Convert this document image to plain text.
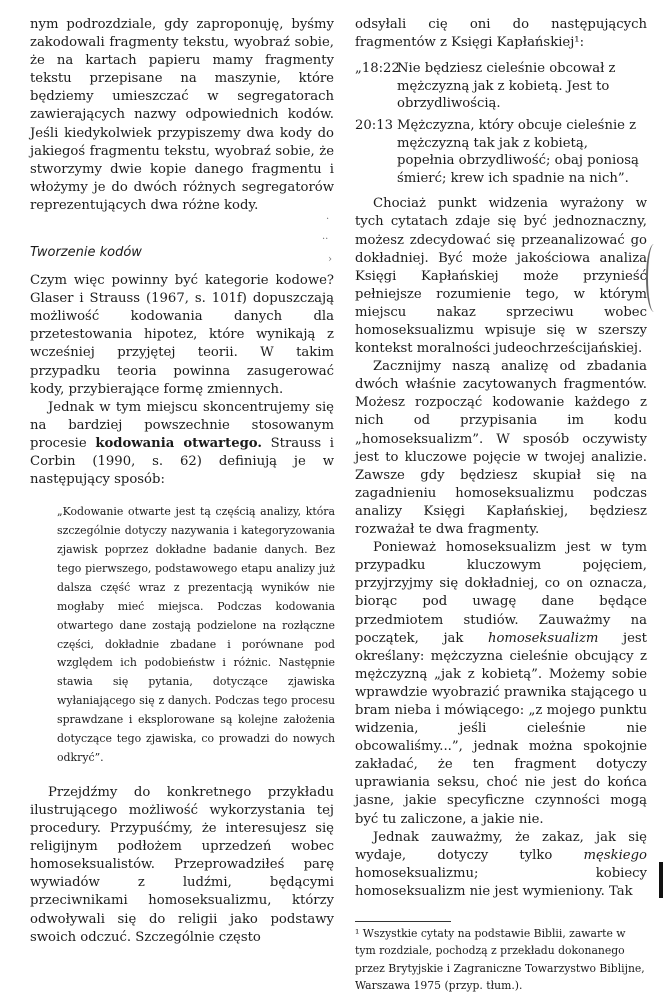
nym podrozdziale, gdy zaproponuję, byśmy zakodowali fragmenty tekstu, wyobraź sobie, że na kartach papieru mamy fragmenty tekstu przepisane na maszynie, które będziemy umieszczać w segregatorach zawierających nazwy odpowiednich kodów. Jeśli kiedykolwiek przypiszemy dwa kody do jakiegoś fragmentu tekstu, wyobraź sobie, że stworzymy dwie kopie danego fragmentu i włożymy je do dwóch różnych segregatorów reprezentujących dwa różne kody.

Tworzenie kodów

Czym więc powinny być kategorie kodowe? Glaser i Strauss (1967, s. 101f) dopuszczają możliwość kodowania danych dla przetestowania hipotez, które wynikają z wcześniej przyjętej teorii. W takim przypadku teoria powinna zasugerować kody, przybierające formę zmiennych.

Jednak w tym miejscu skoncentrujemy się na bardziej powszechnie stosowanym procesie kodowania otwartego. Strauss i Corbin (1990, s. 62) definiują je w następujący sposób:

„Kodowanie otwarte jest tą częścią analizy, która szczególnie dotyczy nazywania i kategoryzowania zjawisk poprzez dokładne badanie danych. Bez tego pierwszego, podstawowego etapu analizy już dalsza część wraz z prezentacją wyników nie mogłaby mieć miejsca. Podczas kodowania otwartego dane zostają podzielone na rozłączne części, dokładnie zbadane i porównane pod względem ich podobieństw i różnic. Następnie stawia się pytania, dotyczące zjawiska wyłaniającego się z danych. Podczas tego procesu sprawdzane i eksplorowane są kolejne założenia dotyczące tego zjawiska, co prowadzi do nowych odkryć”.

Przejdźmy do konkretnego przykładu ilustrującego możliwość wykorzystania tej procedury. Przypuśćmy, że interesujesz się religijnym podłożem uprzedzeń wobec homoseksualistów. Przeprowadziłeś parę wywiadów z ludźmi, będącymi przeciwnikami homoseksualizmu, którzy odwoływali się do religii jako podstawy swoich odczuć. Szczególnie często

odsyłali cię oni do następujących fragmentów z Księgi Kapłańskiej¹:

„18:22
Nie będziesz cieleśnie obcował z mężczyzną jak z kobietą. Jest to obrzydliwością.
20:13 Mężczyzna, który obcuje cieleśnie z mężczyzną tak jak z kobietą, popełnia obrzydliwość; obaj poniosą śmierć; krew ich spadnie na nich”.

Chociaż punkt widzenia wyrażony w tych cytatach zdaje się być jednoznaczny, możesz zdecydować się przeanalizować go dokładniej. Być może jakościowa analiza Księgi Kapłańskiej może przynieść pełniejsze rozumienie tego, w którym miejscu nakaz sprzeciwu wobec homoseksualizmu wpisuje się w szerszy kontekst moralności judeochrześcijańskiej.

Zacznijmy naszą analizę od zbadania dwóch właśnie zacytowanych fragmentów. Możesz rozpocząć kodowanie każdego z nich od przypisania im kodu „homoseksualizm”. W sposób oczywisty jest to kluczowe pojęcie w twojej analizie. Zawsze gdy będziesz skupiał się na zagadnieniu homoseksualizmu podczas analizy Księgi Kapłańskiej, będziesz rozważał te dwa fragmenty.

Ponieważ homoseksualizm jest w tym przypadku kluczowym pojęciem, przyjrzyjmy się dokładniej, co on oznacza, biorąc pod uwagę dane będące przedmiotem studiów. Zauważmy na początek, jak homoseksualizm jest określany: mężczyzna cieleśnie obcujący z mężczyzną „jak z kobietą”. Możemy sobie wprawdzie wyobrazić prawnika stającego u bram nieba i mówiącego: „z mojego punktu widzenia, jeśli cieleśnie nie obcowaliśmy...”, jednak można spokojnie zakładać, że ten fragment dotyczy uprawiania seksu, choć nie jest do końca jasne, jakie specyficzne czynności mogą być tu zaliczone, a jakie nie.

Jednak zauważmy, że zakaz, jak się wydaje, dotyczy tylko męskiego homoseksualizmu; kobiecy homoseksualizm nie jest wymieniony. Tak

¹ Wszystkie cytaty na podstawie Biblii, zawarte w tym rozdziale, pochodzą z przekładu dokonanego przez Brytyjskie i Zagraniczne Towarzystwo Biblijne, Warszawa 1975 (przyp. tłum.).

·
··
›
